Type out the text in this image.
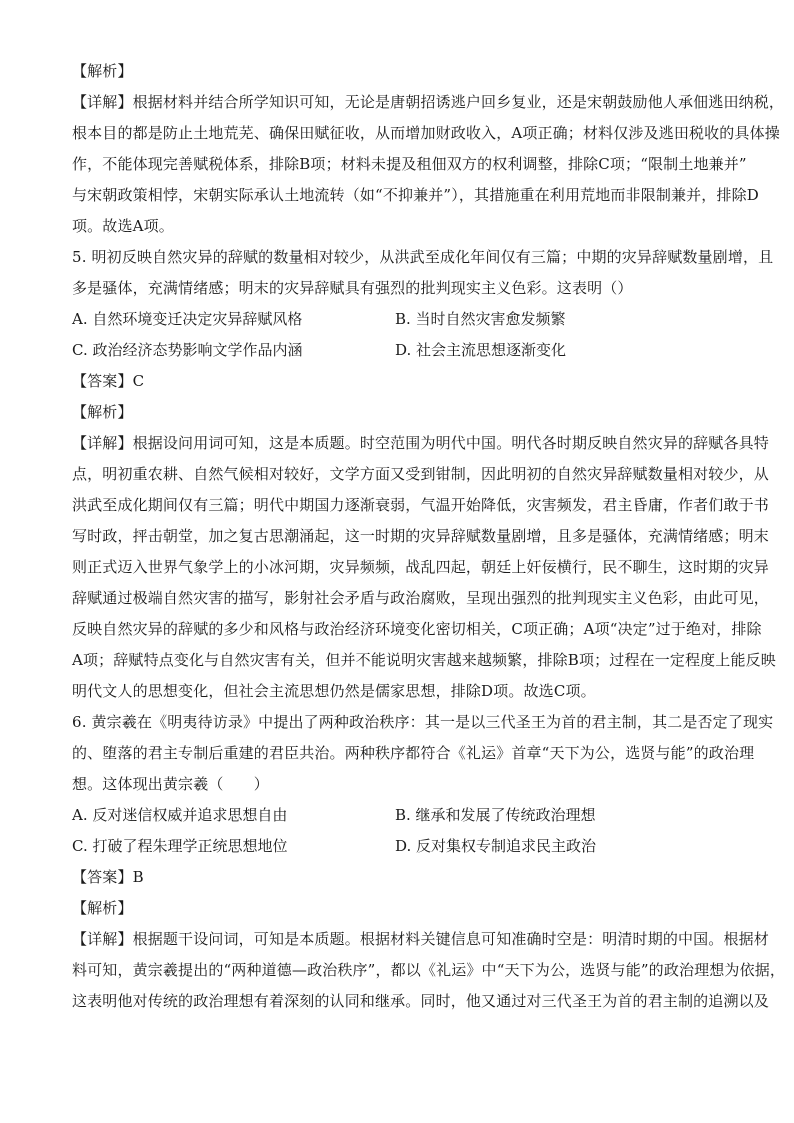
【解析】
【详解】根据材料并结合所学知识可知，无论是唐朝招诱逃户回乡复业，还是宋朝鼓励他人承佃逃田纳税，
根本目的都是防止土地荒芜、确保田赋征收，从而增加财政收入，A项正确；材料仅涉及逃田税收的具体操
作，不能体现完善赋税体系，排除B项；材料未提及租佃双方的权利调整，排除C项；“限制土地兼并”
与宋朝政策相悖，宋朝实际承认土地流转（如“不抑兼并”），其措施重在利用荒地而非限制兼并，排除D
项。故选A项。
5. 明初反映自然灾异的辞赋的数量相对较少，从洪武至成化年间仅有三篇；中期的灾异辞赋数量剧增，且
多是骚体，充满情绪感；明末的灾异辞赋具有强烈的批判现实主义色彩。这表明（）
A. 自然环境变迁决定灾异辞赋风格	B. 当时自然灾害愈发频繁
C. 政治经济态势影响文学作品内涵	D. 社会主流思想逐渐变化
【答案】C
【解析】
【详解】根据设问用词可知，这是本质题。时空范围为明代中国。明代各时期反映自然灾异的辞赋各具特
点，明初重农耕、自然气候相对较好，文学方面又受到钳制，因此明初的自然灾异辞赋数量相对较少，从
洪武至成化期间仅有三篇；明代中期国力逐渐衰弱，气温开始降低，灾害频发，君主昏庸，作者们敢于书
写时政，抨击朝堂，加之复古思潮涌起，这一时期的灾异辞赋数量剧增，且多是骚体，充满情绪感；明末
则正式迈入世界气象学上的小冰河期，灾异频频，战乱四起，朝廷上奸佞横行，民不聊生，这时期的灾异
辞赋通过极端自然灾害的描写，影射社会矛盾与政治腐败，呈现出强烈的批判现实主义色彩，由此可见，
反映自然灾异的辞赋的多少和风格与政治经济环境变化密切相关，C项正确；A项“决定”过于绝对，排除
A项；辞赋特点变化与自然灾害有关，但并不能说明灾害越来越频繁，排除B项；过程在一定程度上能反映
明代文人的思想变化，但社会主流思想仍然是儒家思想，排除D项。故选C项。
6. 黄宗羲在《明夷待访录》中提出了两种政治秩序：其一是以三代圣王为首的君主制，其二是否定了现实
的、堕落的君主专制后重建的君臣共治。两种秩序都符合《礼运》首章“天下为公，选贤与能”的政治理
想。这体现出黄宗羲（　　）
A. 反对迷信权威并追求思想自由	B. 继承和发展了传统政治理想
C. 打破了程朱理学正统思想地位	D. 反对集权专制追求民主政治
【答案】B
【解析】
【详解】根据题干设问词，可知是本质题。根据材料关键信息可知准确时空是：明清时期的中国。根据材
料可知，黄宗羲提出的“两种道德—政治秩序”，都以《礼运》中“天下为公，选贤与能”的政治理想为依据，
这表明他对传统的政治理想有着深刻的认同和继承。同时，他又通过对三代圣王为首的君主制的追溯以及
